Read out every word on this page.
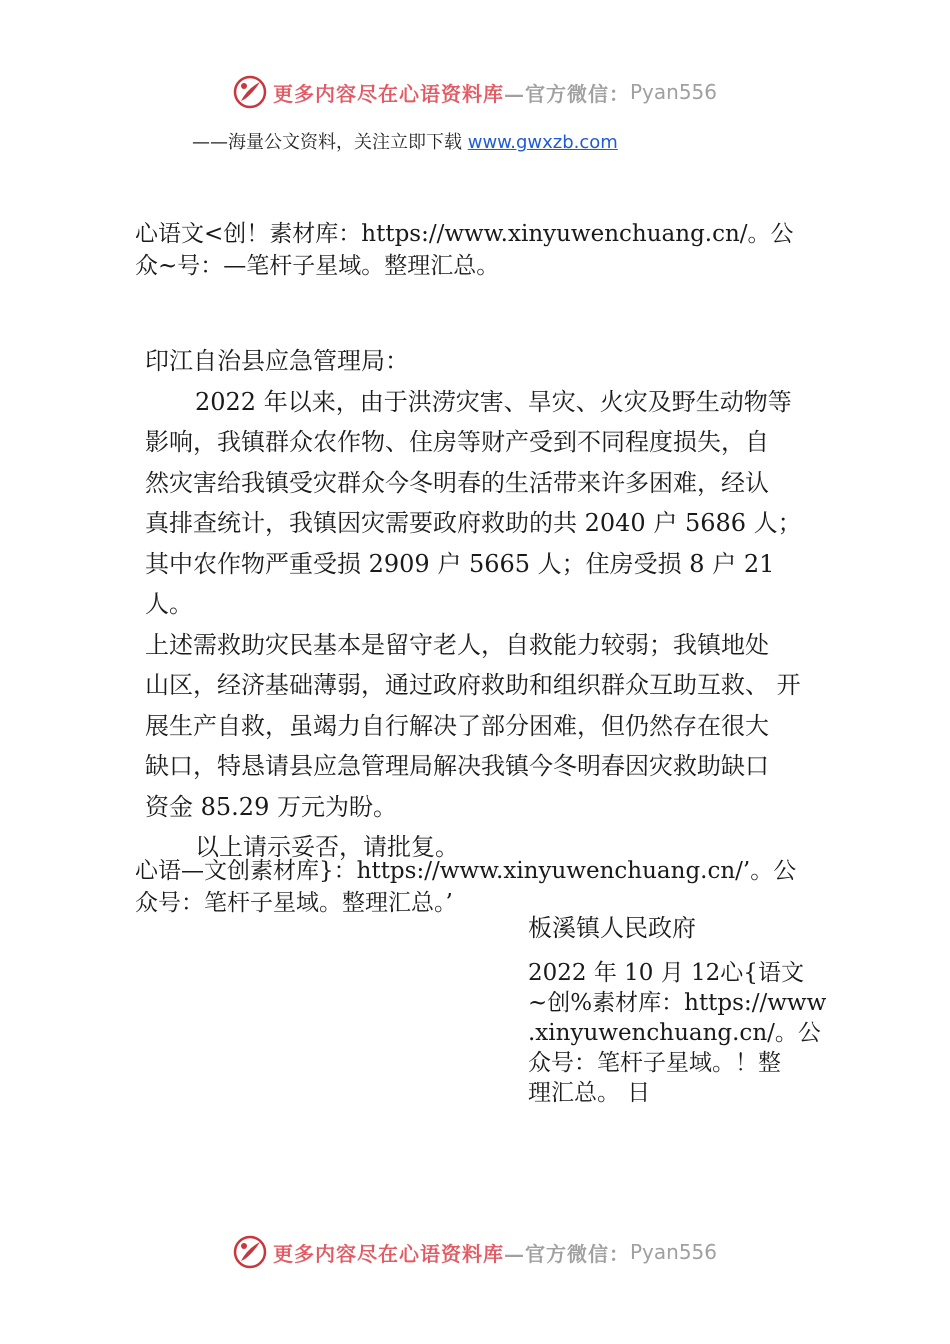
更多内容尽在心语资料库 —官方微信： Pyan556
——海量公文资料，关注立即下载 www.gwxzb.com
心语文<创！素材库：https://www.xinyuwenchuang.cn/。公
众~号：—笔杆子星域。整理汇总。

印江自治县应急管理局：

2022 年以来，由于洪涝灾害、旱灾、火灾及野生动物等

影响，我镇群众农作物、住房等财产受到不同程度损失，自

然灾害给我镇受灾群众今冬明春的生活带来许多困难，经认

真排查统计，我镇因灾需要政府救助的共 2040 户 5686 人；

其中农作物严重受损 2909 户 5665 人；住房受损 8 户 21 人。

上述需救助灾民基本是留守老人，自救能力较弱；我镇地处

山区，经济基础薄弱，通过政府救助和组织群众互助互救、 开

展生产自救，虽竭力自行解决了部分困难，但仍然存在很大

缺口，特恳请县应急管理局解决我镇今冬明春因灾救助缺口

资金 85.29 万元为盼。

以上请示妥否，请批复。

心语—文创素材库}：https://www.xinyuwenchuang.cn/’。公
众号：笔杆子星域。整理汇总。’
板溪镇人民政府
2022 年 10 月 12心{语文
~创%素材库：https://www
.xinyuwenchuang.cn/。公
众号：笔杆子星域。！整
理汇总。 日
更多内容尽在心语资料库 —官方微信： Pyan556
